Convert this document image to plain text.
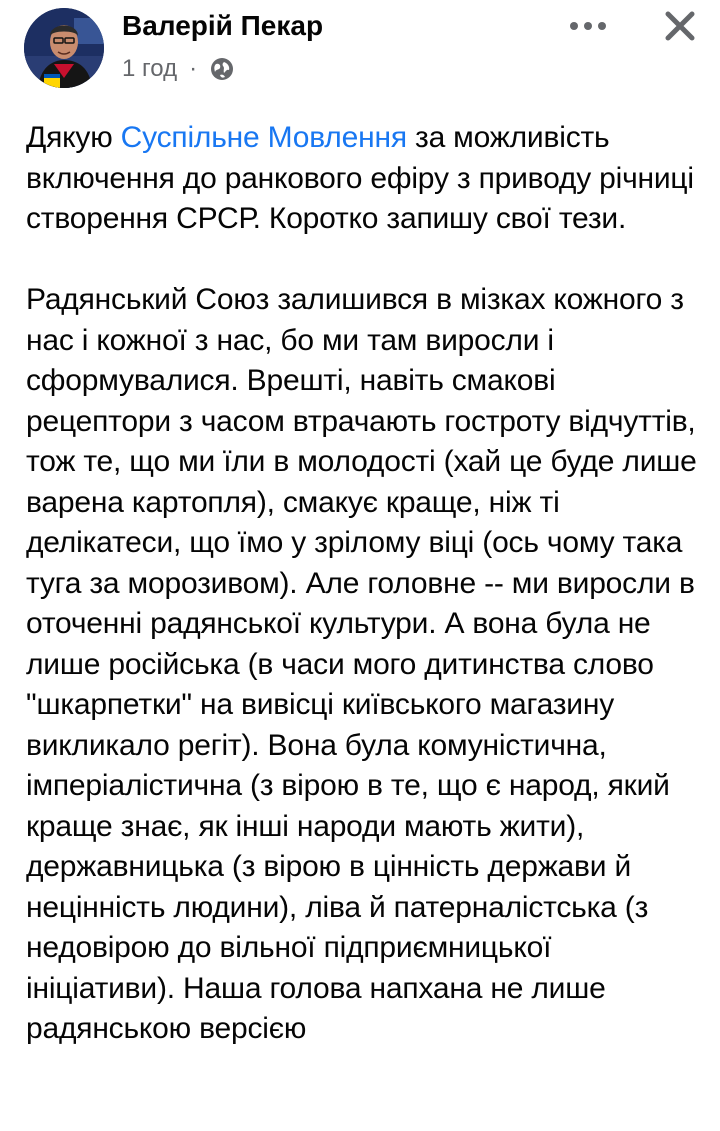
Валерій Пекар
1 год ·

Дякую Суспільне Мовлення за можливість включення до ранкового ефіру з приводу річниці створення СРСР. Коротко запишу свої тези.

Радянський Союз залишився в мізках кожного з нас і кожної з нас, бо ми там виросли і сформувалися. Врешті, навіть смакові рецептори з часом втрачають гостроту відчуттів, тож те, що ми їли в молодості (хай це буде лише варена картопля), смакує краще, ніж ті делікатеси, що їмо у зрілому віці (ось чому така туга за морозивом). Але головне -- ми виросли в оточенні радянської культури. А вона була не лише російська (в часи мого дитинства слово "шкарпетки" на вивісці київського магазину викликало регіт). Вона була комуністична, імперіалістична (з вірою в те, що є народ, який краще знає, як інші народи мають жити), державницька (з вірою в цінність держави й нецінність людини), ліва й патерналістська (з недовірою до вільної підприємницької ініціативи). Наша голова напхана не лише радянською версією
